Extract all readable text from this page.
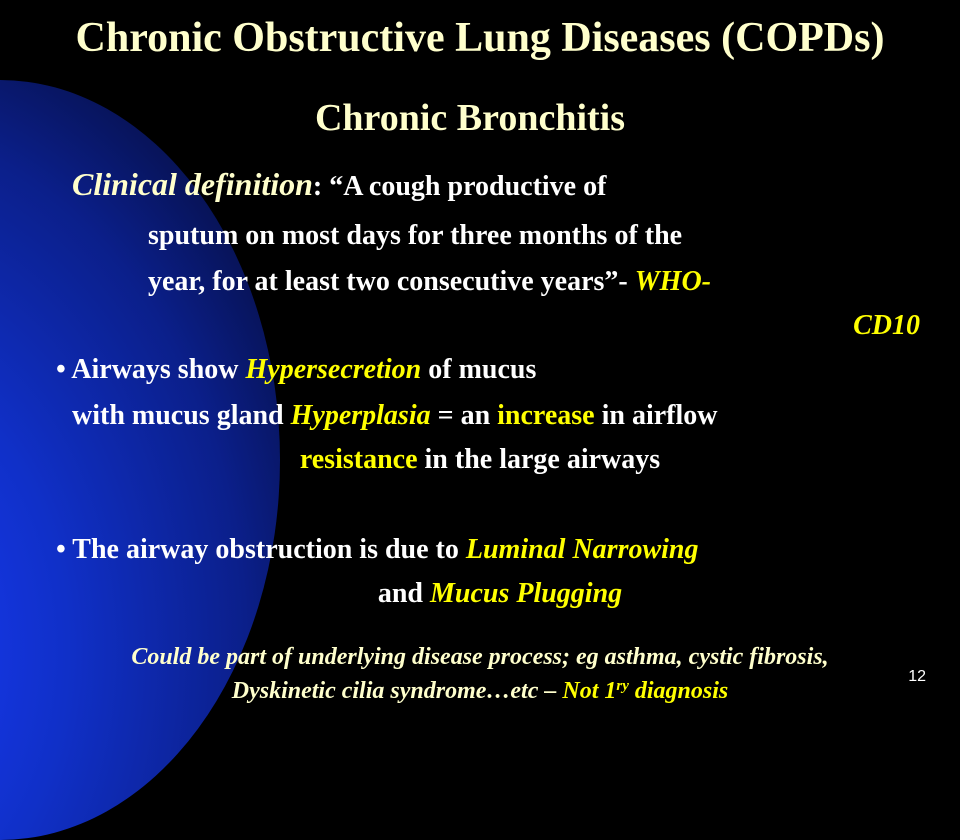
Chronic Obstructive Lung Diseases (COPDs)
Chronic Bronchitis
Clinical definition: “A cough productive of
sputum on most days for three months of the
year, for at least two consecutive years”- WHO-
CD10
• Airways show Hypersecretion of mucus
with mucus gland Hyperplasia = an increase in airflow
resistance in the large airways
• The airway obstruction is due to Luminal Narrowing
and Mucus Plugging
Could be part of underlying disease process; eg asthma, cystic fibrosis,
Dyskinetic cilia syndrome…etc – Not $1^{ry}$ diagnosis
12
